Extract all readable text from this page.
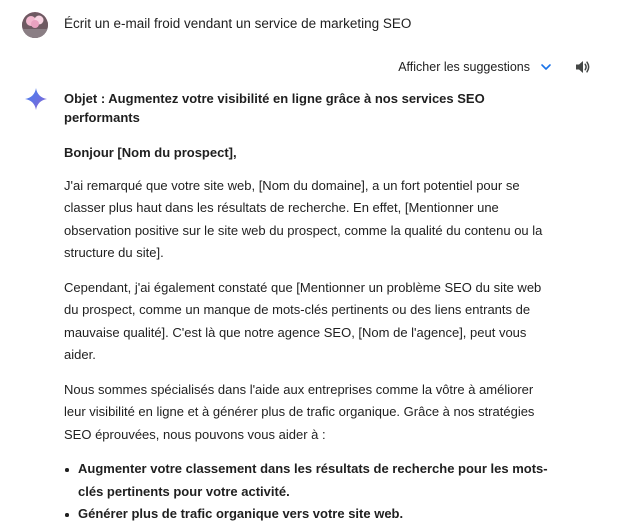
Écrit un e-mail froid vendant un service de marketing SEO
Afficher les suggestions

Objet : Augmentez votre visibilité en ligne grâce à nos services SEO performants

Bonjour [Nom du prospect],

J'ai remarqué que votre site web, [Nom du domaine], a un fort potentiel pour se classer plus haut dans les résultats de recherche. En effet, [Mentionner une observation positive sur le site web du prospect, comme la qualité du contenu ou la structure du site].

Cependant, j'ai également constaté que [Mentionner un problème SEO du site web du prospect, comme un manque de mots-clés pertinents ou des liens entrants de mauvaise qualité]. C'est là que notre agence SEO, [Nom de l'agence], peut vous aider.

Nous sommes spécialisés dans l'aide aux entreprises comme la vôtre à améliorer leur visibilité en ligne et à générer plus de trafic organique. Grâce à nos stratégies SEO éprouvées, nous pouvons vous aider à :

Augmenter votre classement dans les résultats de recherche pour les mots-clés pertinents pour votre activité.
Générer plus de trafic organique vers votre site web.
